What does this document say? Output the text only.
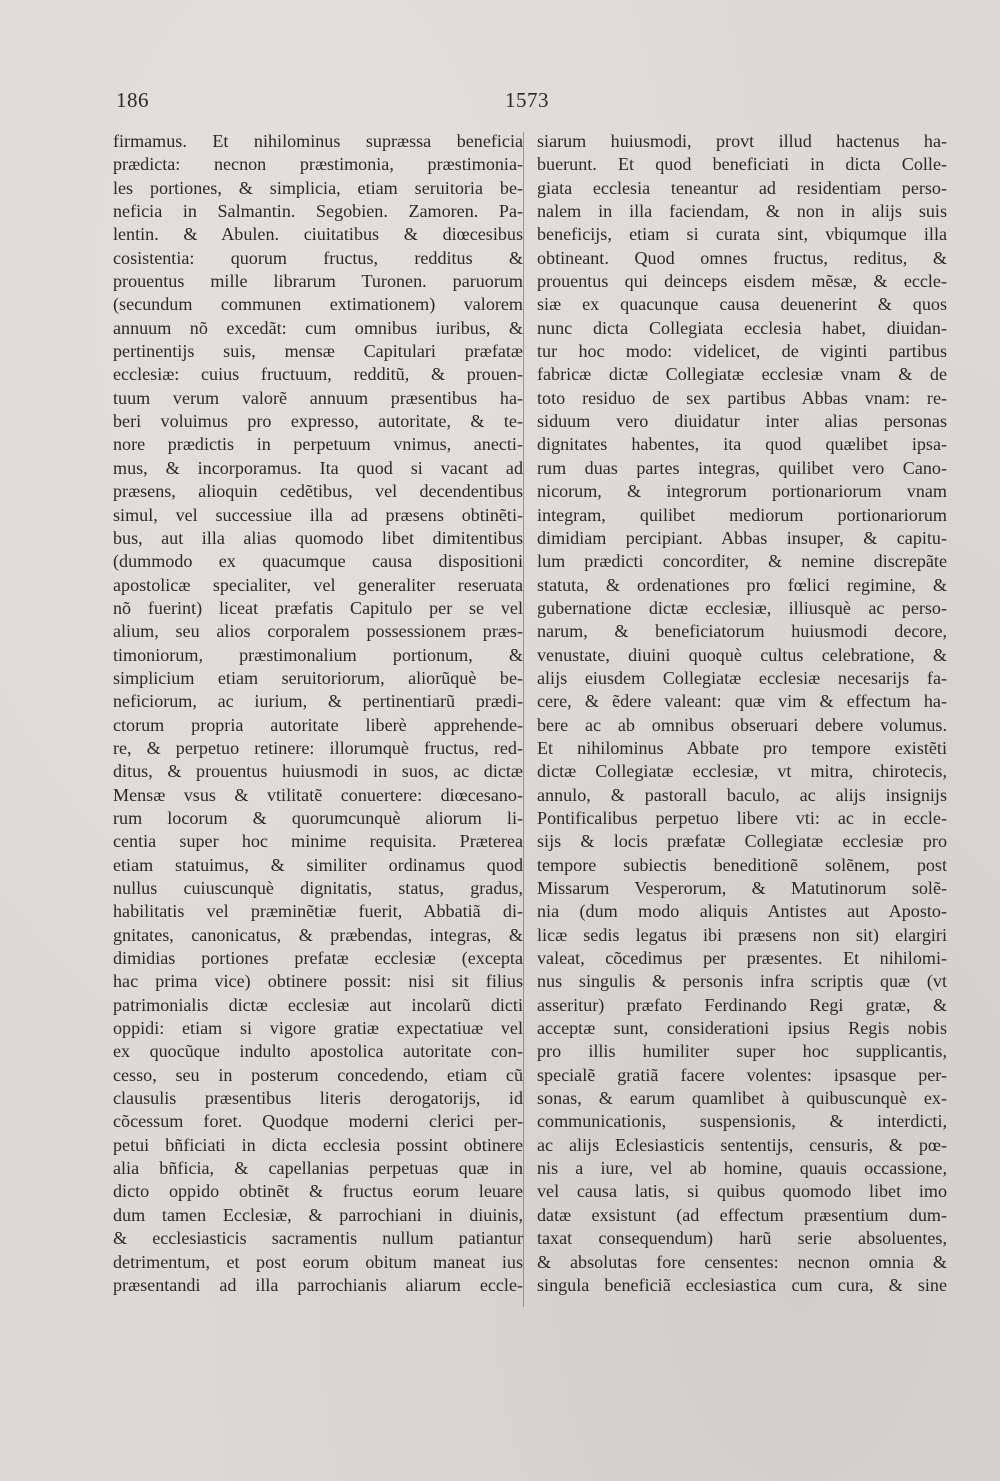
186	1573
firmamus. Et nihilominus suprӕssa beneficia
prӕdicta: necnon prӕstimonia, prӕstimonia-
les portiones, & simplicia, etiam seruitoria be-
neficia in Salmantin. Segobien. Zamoren. Pa-
lentin. & Abulen. ciuitatibus & diœcesibus
cosistentia: quorum fructus, redditus &
prouentus mille librarum Turonen. paruorum
(secundum communen extimationem) valorem
annuum nõ excedãt: cum omnibus iuribus, &
pertinentijs suis, mensӕ Capitulari prӕfatӕ
ecclesiӕ: cuius fructuum, redditũ, & prouen-
tuum verum valorẽ annuum prӕsentibus ha-
beri voluimus pro expresso, autoritate, & te-
nore prӕdictis in perpetuum vnimus, anecti-
mus, & incorporamus. Ita quod si vacant ad
prӕsens, alioquin cedẽtibus, vel decendentibus
simul, vel successiue illa ad prӕsens obtinẽti-
bus, aut illa alias quomodo libet dimitentibus
(dummodo ex quacumque causa dispositioni
apostolicӕ specialiter, vel generaliter reseruata
nõ fuerint) liceat prӕfatis Capitulo per se vel
alium, seu alios corporalem possessionem prӕs-
timoniorum, prӕstimonalium portionum, &
simplicium etiam seruitoriorum, aliorũquè be-
neficiorum, ac iurium, & pertinentiarũ prӕdi-
ctorum propria autoritate liberè apprehende-
re, & perpetuo retinere: illorumquè fructus, red-
ditus, & prouentus huiusmodi in suos, ac dictӕ
Mensӕ vsus & vtilitatẽ conuertere: diœcesano-
rum locorum & quorumcunquè aliorum li-
centia super hoc minime requisita. Prӕterea
etiam statuimus, & similiter ordinamus quod
nullus cuiuscunquè dignitatis, status, gradus,
habilitatis vel prӕminẽtiӕ fuerit, Abbatiã di-
gnitates, canonicatus, & prӕbendas, integras, &
dimidias portiones prefatӕ ecclesiӕ (excepta
hac prima vice) obtinere possit: nisi sit filius
patrimonialis dictӕ ecclesiӕ aut incolarũ dicti
oppidi: etiam si vigore gratiӕ expectatiuӕ vel
ex quocũque indulto apostolica autoritate con-
cesso, seu in posterum concedendo, etiam cũ
clausulis prӕsentibus literis derogatorijs, id
cõcessum foret. Quodque moderni clerici per-
petui bñficiati in dicta ecclesia possint obtinere
alia bñficia, & capellanias perpetuas quӕ in
dicto oppido obtinẽt & fructus eorum leuare
dum tamen Ecclesiӕ, & parrochiani in diuinis,
& ecclesiasticis sacramentis nullum patiantur
detrimentum, et post eorum obitum maneat ius
prӕsentandi ad illa parrochianis aliarum eccle-
siarum huiusmodi, provt illud hactenus ha-
buerunt. Et quod beneficiati in dicta Colle-
giata ecclesia teneantur ad residentiam perso-
nalem in illa faciendam, & non in alijs suis
beneficijs, etiam si curata sint, vbiqumque illa
obtineant. Quod omnes fructus, reditus, &
prouentus qui deinceps eisdem mẽsӕ, & eccle-
siӕ ex quacunque causa deuenerint & quos
nunc dicta Collegiata ecclesia habet, diuidan-
tur hoc modo: videlicet, de viginti partibus
fabricӕ dictӕ Collegiatӕ ecclesiӕ vnam & de
toto residuo de sex partibus Abbas vnam: re-
siduum vero diuidatur inter alias personas
dignitates habentes, ita quod quӕlibet ipsa-
rum duas partes integras, quilibet vero Cano-
nicorum, & integrorum portionariorum vnam
integram, quilibet mediorum portionariorum
dimidiam percipiant. Abbas insuper, & capitu-
lum prӕdicti concorditer, & nemine discrepãte
statuta, & ordenationes pro fœlici regimine, &
gubernatione dictӕ ecclesiӕ, illiusquè ac perso-
narum, & beneficiatorum huiusmodi decore,
venustate, diuini quoquè cultus celebratione, &
alijs eiusdem Collegiatӕ ecclesiӕ necesarijs fa-
cere, & ẽdere valeant: quӕ vim & effectum ha-
bere ac ab omnibus obseruari debere volumus.
Et nihilominus Abbate pro tempore existẽti
dictӕ Collegiatӕ ecclesiӕ, vt mitra, chirotecis,
annulo, & pastorall baculo, ac alijs insignijs
Pontificalibus perpetuo libere vti: ac in eccle-
sijs & locis prӕfatӕ Collegiatӕ ecclesiӕ pro
tempore subiectis beneditionẽ solẽnem, post
Missarum Vesperorum, & Matutinorum solẽ-
nia (dum modo aliquis Antistes aut Aposto-
licӕ sedis legatus ibi prӕsens non sit) elargiri
valeat, cõcedimus per prӕsentes. Et nihilomi-
nus singulis & personis infra scriptis quӕ (vt
asseritur) prӕfato Ferdinando Regi gratӕ, &
acceptӕ sunt, considerationi ipsius Regis nobis
pro illis humiliter super hoc supplicantis,
specialẽ gratiã facere volentes: ipsasque per-
sonas, & earum quamlibet à quibuscunquè ex-
communicationis, suspensionis, & interdicti,
ac alijs Eclesiasticis sententijs, censuris, & pœ-
nis a iure, vel ab homine, quauis occassione,
vel causa latis, si quibus quomodo libet imo
datӕ exsistunt (ad effectum prӕsentium dum-
taxat consequendum) harũ serie absoluentes,
& absolutas fore censentes: necnon omnia &
singula beneficiã ecclesiastica cum cura, & sine
